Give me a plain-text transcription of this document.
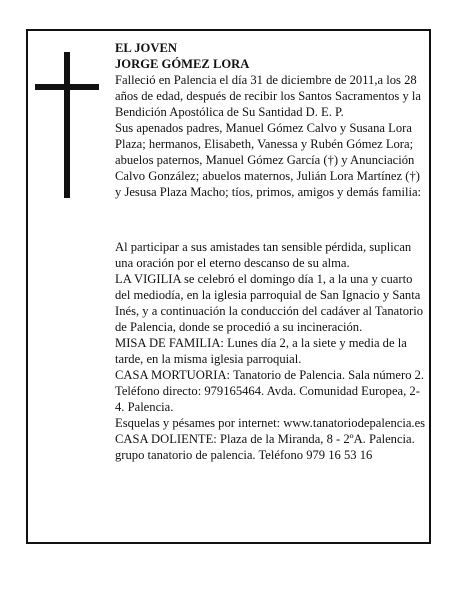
EL JOVEN

JORGE GÓMEZ LORA

Falleció en Palencia el día 31 de diciembre de 2011,a los 28 años de edad, después de recibir los Santos Sacramentos y la Bendición Apostólica de Su Santidad D. E. P.

Sus apenados padres, Manuel Gómez Calvo y Susana Lora Plaza; hermanos, Elisabeth, Vanessa y Rubén Gómez Lora; abuelos paternos, Manuel Gómez García (†) y Anunciación Calvo González; abuelos maternos, Julián Lora Martínez (†) y Jesusa Plaza Macho; tíos, primos, amigos y demás familia:

Al participar a sus amistades tan sensible pérdida, suplican una oración por el eterno descanso de su alma.

LA VIGILIA se celebró el domingo día 1, a la una y cuarto del mediodía, en la iglesia parroquial de San Ignacio y Santa Inés, y a continuación la conducción del cadáver al Tanatorio de Palencia, donde se procedió a su incineración.

MISA DE FAMILIA: Lunes día 2, a la siete y media de la tarde, en la misma iglesia parroquial.

CASA MORTUORIA: Tanatorio de Palencia. Sala número 2. Teléfono directo: 979165464. Avda. Comunidad Europea, 2-4. Palencia.

Esquelas y pésames por internet: www.tanatoriodepalencia.es

CASA DOLIENTE: Plaza de la Miranda, 8 - 2ºA. Palencia.

grupo tanatorio de palencia. Teléfono 979 16 53 16
